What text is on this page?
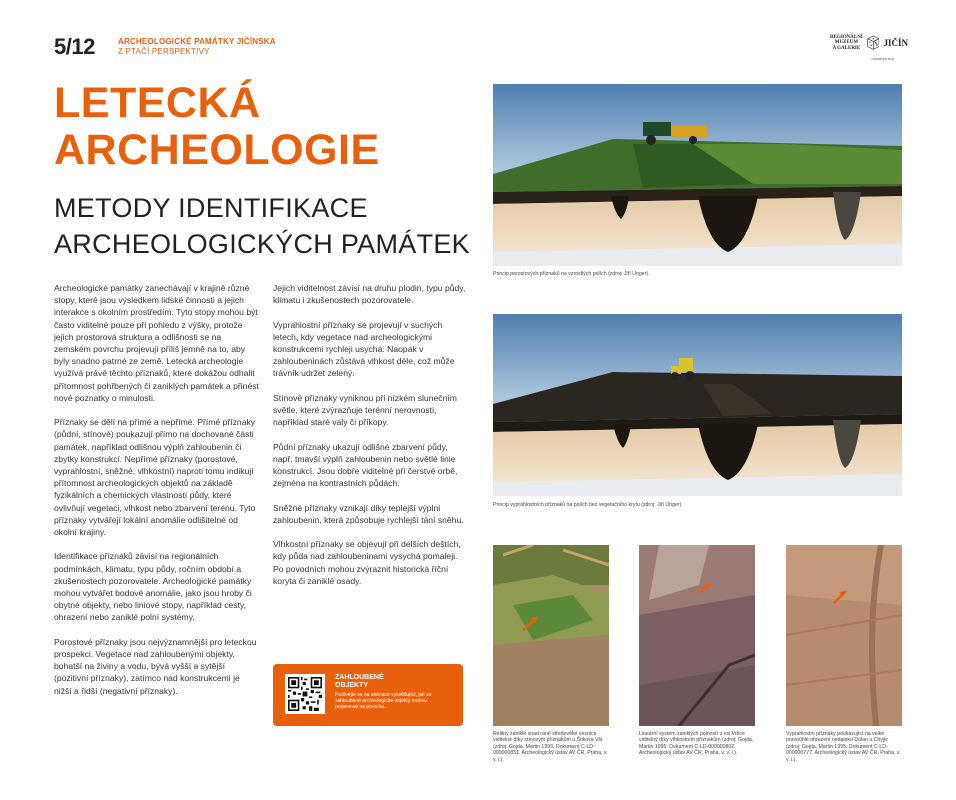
5/12	ARCHEOLOGICKÉ PAMÁTKY JIČÍNSKA
Z PTAČÍ PERSPEKTIVY
REGIONÁLNÍ
MUZEUM
A GALERIE
JIČÍN
museum kcy
LETECKÁ
ARCHEOLOGIE
METODY IDENTIFIKACE
ARCHEOLOGICKÝCH PAMÁTEK

Archeologické památky zanechávají v krajině různé stopy, které jsou výsledkem lidské činnosti a jejich interakce s okolním prostředím. Tyto stopy mohou být často viditelné pouze při pohledu z výšky, protože jejich prostorová struktura a odlišnosti se na zemském povrchu projevují příliš jemně na to, aby byly snadno patrné ze země. Letecká archeologie využívá právě těchto příznaků, které dokážou odhalit přítomnost pohřbených či zaniklých památek a přinést nové poznatky o minulosti.

Příznaky se dělí na přímé a nepřímé. Přímé příznaky (půdní, stínové) poukazují přímo na dochované části památek, například odlišnou výplň zahloubenin či zbytky konstrukcí. Nepřímé příznaky (porostové, vyprahlostní, sněžné, vlhkostní) naproti tomu indikují přítomnost archeologických objektů na základě fyzikálních a chemických vlastností půdy, které ovlivňují vegetaci, vlhkost nebo zbarvení terénu. Tyto příznaky vytvářejí lokální anomálie odlišitelné od okolní krajiny.

Identifikace příznaků závisí na regionálních podmínkách, klimatu, typu půdy, ročním období a zkušenostech pozorovatele. Archeologické památky mohou vytvářet bodové anomálie, jako jsou hroby či obytné objekty, nebo liniové stopy, například cesty, ohrazení nebo zaniklé polní systémy.

Porostové příznaky jsou nejvýznamnější pro leteckou prospekci. Vegetace nad zahloubenými objekty, bohatší na živiny a vodu, bývá vyšší a sytější (pozitivní příznaky), zatímco nad konstrukcemi je nižší a řidší (negativní příznaky).

Jejich viditelnost závisí na druhu plodin, typu půdy, klimatu i zkušenostech pozorovatele.

Vyprahlostní příznaky se projevují v suchých letech, kdy vegetace nad archeologickými konstrukcemi rychleji usychá. Naopak v zahloubeninách zůstává vlhkost déle, což může trávník udržet zelený.

Stínové příznaky vyniknou při nízkém slunečním světle, které zvýrazňuje terénní nerovnosti, například staré valy či příkopy.

Půdní příznaky ukazují odlišné zbarvení půdy, např. tmavší výplň zahloubenin nebo světlé linie konstrukcí. Jsou dobře viditelné při čerstvé orbě, zejména na kontrastních půdách.

Sněžné příznaky vznikají díky teplejší výplni zahloubenin, která způsobuje rychlejší tání sněhu.

Vlhkostní příznaky se objevují při delších deštích, kdy půda nad zahloubeninami vysychá pomaleji. Po povodních mohou zvýraznit historická říční koryta či zaniklé osady.

ZAHLOUBENÉ OBJEKTY
Podívejte se na animace vysvětlující, jak se zahloubené archeologické objekty mohou projevovat na povrchu.
Princip porostových příznaků na vzrostlých polích (zdroj: Jiří Unger).
Princip vyprahlostních příznaků na polích bez vegetačního krytu (zdroj: Jiří Unger).
Relikty zaniklé snad raně středověké vesnice viditelné díky stínovým příznakům u Štikova Vši (zdroj: Gojda, Martin 1993. Dokument C-LD-000000851. Archeologický ústav AV ČR, Praha, v. v. i.).
Lineární systém zaniklých polností u vsi Vrbce viditelný díky vlhkostním příznakům (zdroj: Gojda, Martin 1995. Dokument C-LD-000000802. Archeologický ústav AV ČR, Praha, v. v. i.).
Vyprahlostní příznaky poukazující na velké pravoúhlé ohrazení nedaleko Dolan u Chyjic (zdroj: Gojda, Martin 1995. Dokument C-LD-000000777. Archeologický ústav AV ČR, Praha, v. v. i.).
